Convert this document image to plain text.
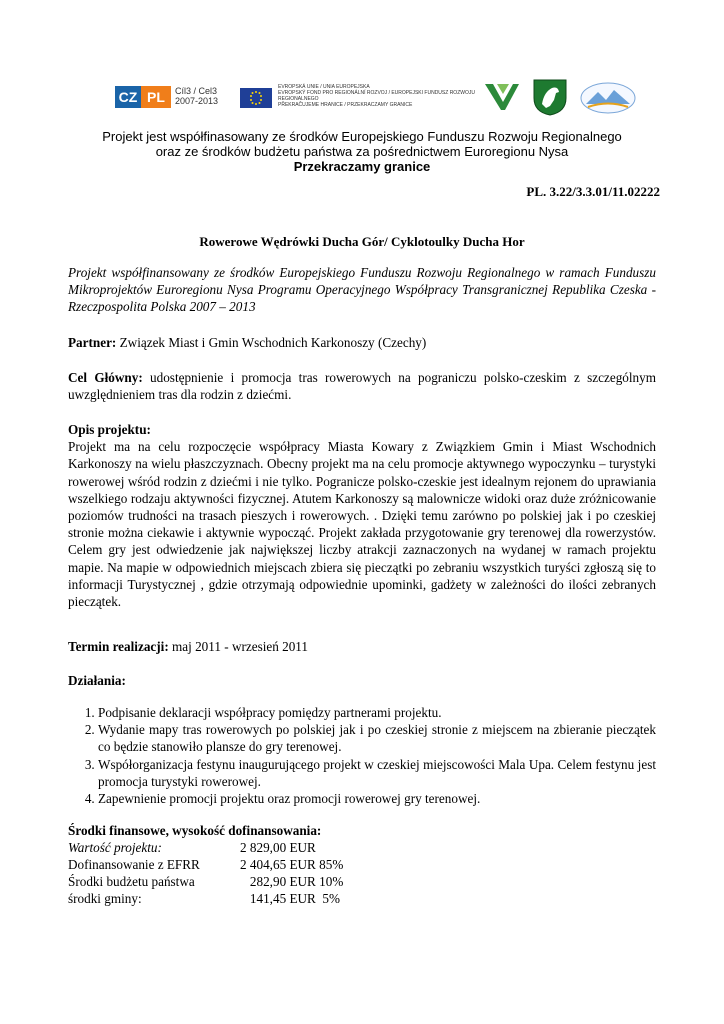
CZ PL	Cíl3 / Cel3
2007-2013
EVROPSKÁ UNIE / UNIA EUROPEJSKA
EVROPSKÝ FOND PRO REGIONÁLNÍ ROZVOJ / EUROPEJSKI FUNDUSZ ROZWOJU REGIONALNEGO
PŘEKRAČUJEME HRANICE / PRZEKRACZAMY GRANICE
Projekt jest współfinasowany ze środków Europejskiego Funduszu Rozwoju Regionalnego
oraz ze środków budżetu państwa za pośrednictwem Euroregionu Nysa
Przekraczamy granice
PL. 3.22/3.3.01/11.02222
Rowerowe Wędrówki Ducha Gór/ Cyklotoulky Ducha Hor
Projekt współfinansowany ze środków Europejskiego Funduszu Rozwoju Regionalnego w ramach Funduszu Mikroprojektów Euroregionu Nysa Programu Operacyjnego Współpracy Transgranicznej Republika Czeska -Rzeczpospolita Polska 2007 – 2013
Partner: Związek Miast i Gmin Wschodnich Karkonoszy (Czechy)
Cel Główny: udostępnienie i promocja tras rowerowych na pograniczu polsko-czeskim z szczególnym uwzględnieniem tras dla rodzin z dziećmi.
Opis projektu:
Projekt ma na celu rozpoczęcie współpracy Miasta Kowary z Związkiem Gmin i Miast Wschodnich Karkonoszy na wielu płaszczyznach. Obecny projekt ma na celu promocje aktywnego wypoczynku – turystyki rowerowej wśród rodzin z dziećmi i nie tylko. Pogranicze polsko-czeskie jest idealnym rejonem do uprawiania wszelkiego rodzaju aktywności fizycznej. Atutem Karkonoszy są malownicze widoki oraz duże zróżnicowanie poziomów trudności na trasach pieszych i rowerowych. . Dzięki temu zarówno po polskiej jak i po czeskiej stronie można ciekawie i aktywnie wypocząć. Projekt zakłada przygotowanie gry terenowej dla rowerzystów. Celem gry jest odwiedzenie jak największej liczby atrakcji zaznaczonych na wydanej w ramach projektu mapie. Na mapie w odpowiednich miejscach zbiera się pieczątki po zebraniu wszystkich turyści zgłoszą się to informacji Turystycznej , gdzie otrzymają odpowiednie upominki, gadżety w zależności do ilości zebranych pieczątek.
Termin realizacji: maj 2011 - wrzesień 2011
Działania:
1. Podpisanie deklaracji współpracy pomiędzy partnerami projektu.
2. Wydanie mapy tras rowerowych po polskiej jak i po czeskiej stronie z miejscem na zbieranie pieczątek co będzie stanowiło plansze do gry terenowej.
3. Współorganizacja festynu inaugurującego projekt w czeskiej miejscowości Mala Upa. Celem festynu jest promocja turystyki rowerowej.
4. Zapewnienie promocji projektu oraz promocji rowerowej gry terenowej.
Środki finansowe, wysokość dofinansowania:
Wartość projektu:	2 829,00 EUR
Dofinansowanie z EFRR	2 404,65 EUR 85%
Środki budżetu państwa	282,90 EUR 10%
środki gminy:	141,45 EUR  5%
